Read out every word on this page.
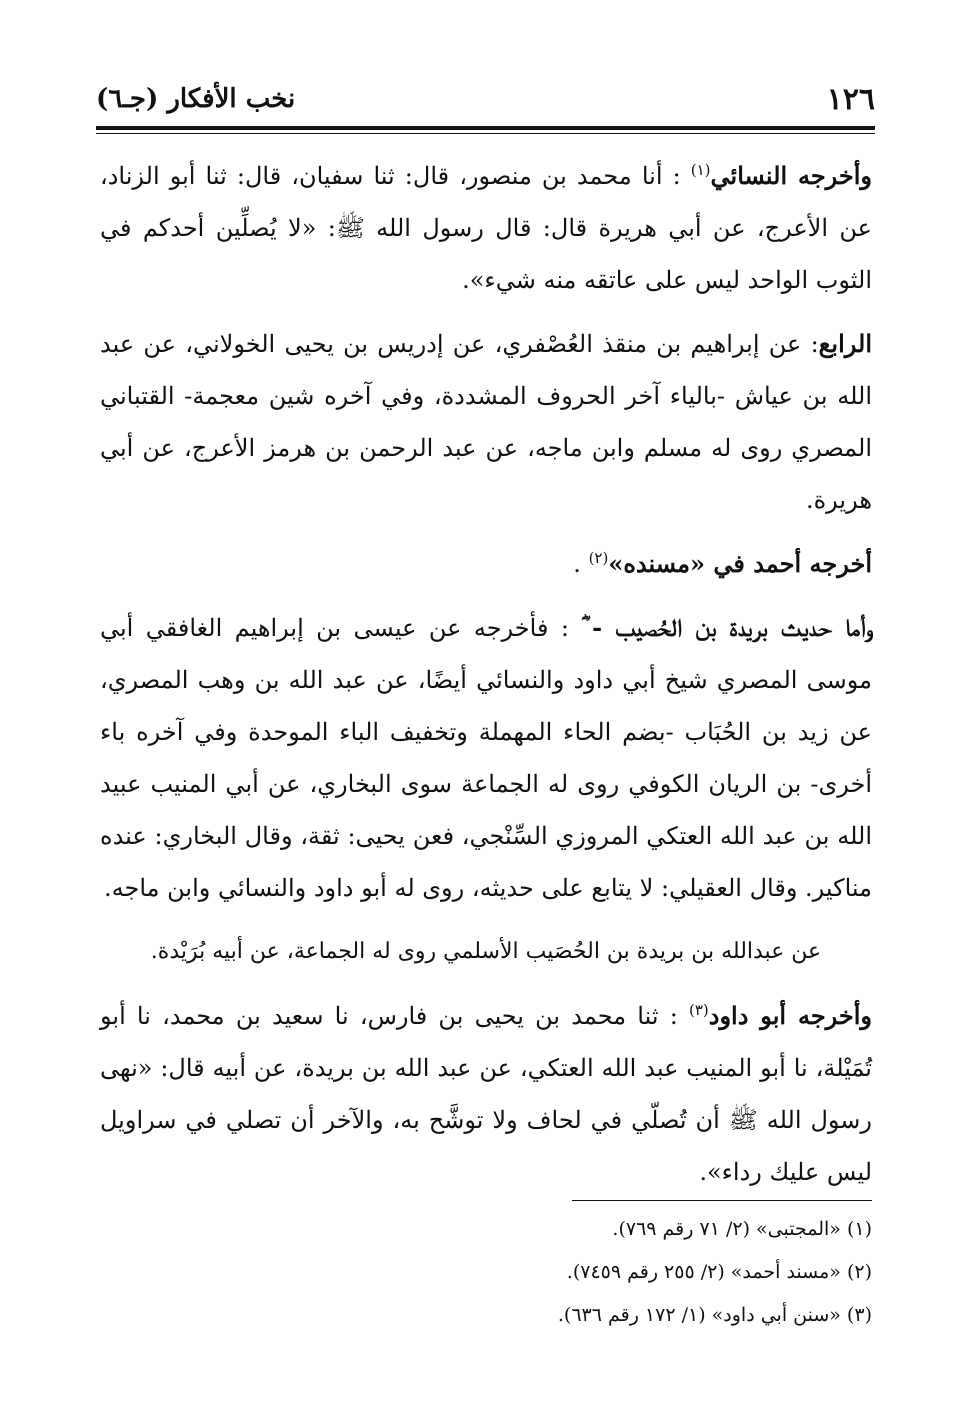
١٢٦
نخب الأفكار (جـ٦)

وأخرجه النسائي$^{(١)}$ : أنا محمد بن منصور، قال: ثنا سفيان، قال: ثنا أبو الزناد، عن الأعرج، عن أبي هريرة قال: قال رسول الله ﷺ: «لا يُصلِّين أحدكم في الثوب الواحد ليس على عاتقه منه شيء».

الرابع: عن إبراهيم بن منقذ العُصْفري، عن إدريس بن يحيى الخولاني، عن عبد الله بن عياش -بالياء آخر الحروف المشددة، وفي آخره شين معجمة- القتباني المصري روى له مسلم وابن ماجه، عن عبد الرحمن بن هرمز الأعرج، عن أبي هريرة.

أخرجه أحمد في «مسنده»$^{(٢)}$ .

وأما حديث بريدة بن الحُصيب - ؓ : فأخرجه عن عيسى بن إبراهيم الغافقي أبي موسى المصري شيخ أبي داود والنسائي أيضًا، عن عبد الله بن وهب المصري، عن زيد بن الحُبَاب -بضم الحاء المهملة وتخفيف الباء الموحدة وفي آخره باء أخرى- بن الريان الكوفي روى له الجماعة سوى البخاري، عن أبي المنيب عبيد الله بن عبد الله العتكي المروزي السِّنْجي، فعن يحيى: ثقة، وقال البخاري: عنده مناكير. وقال العقيلي: لا يتابع على حديثه، روى له أبو داود والنسائي وابن ماجه.

عن عبدالله بن بريدة بن الحُصَيب الأسلمي روى له الجماعة، عن أبيه بُرَيْدة.

وأخرجه أبو داود$^{(٣)}$ : ثنا محمد بن يحيى بن فارس، نا سعيد بن محمد، نا أبو تُمَيْلة، نا أبو المنيب عبد الله العتكي، عن عبد الله بن بريدة، عن أبيه قال: «نهى رسول الله ﷺ أن تُصلّي في لحاف ولا توشَّح به، والآخر أن تصلي في سراويل ليس عليك رداء».

(١) «المجتبى» (٢/ ٧١ رقم ٧٦٩).

(٢) «مسند أحمد» (٢/ ٢٥٥ رقم ٧٤٥٩).

(٣) «سنن أبي داود» (١/ ١٧٢ رقم ٦٣٦).
